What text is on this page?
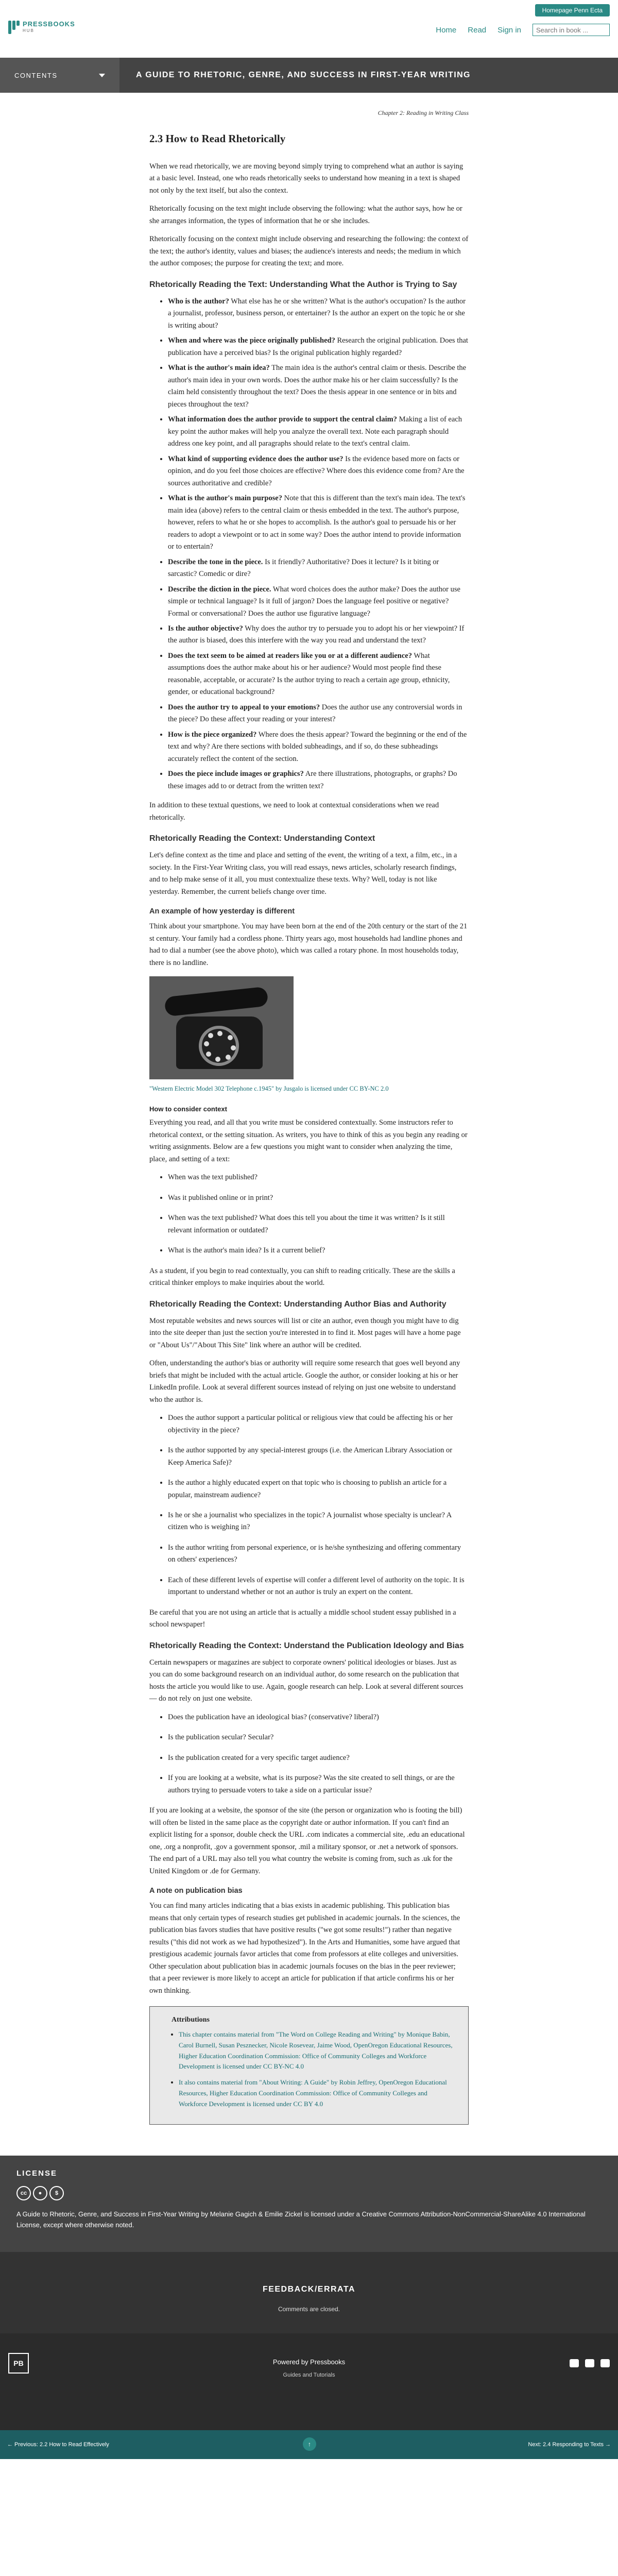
PRESSBOOKS
HUB
Homepage Penn Ecta
Home Read Sign in
Search in book ...
CONTENTS	A GUIDE TO RHETORIC, GENRE, AND SUCCESS IN FIRST-YEAR WRITING
Chapter 2: Reading in Writing Class
2.3 How to Read Rhetorically

When we read rhetorically, we are moving beyond simply trying to comprehend what an author is saying at a basic level. Instead, one who reads rhetorically seeks to understand how meaning in a text is shaped not only by the text itself, but also the context.

Rhetorically focusing on the text might include observing the following: what the author says, how he or she arranges information, the types of information that he or she includes.

Rhetorically focusing on the context might include observing and researching the following: the context of the text; the author's identity, values and biases; the audience's interests and needs; the medium in which the author composes; the purpose for creating the text; and more.

Rhetorically Reading the Text: Understanding What the Author is Trying to Say
• Who is the author? What else has he or she written? What is the author's occupation? Is the author a journalist, professor, business person, or entertainer? Is the author an expert on the topic he or she is writing about?
• When and where was the piece originally published? Research the original publication. Does that publication have a perceived bias? Is the original publication highly regarded?
• What is the author's main idea? The main idea is the author's central claim or thesis. Describe the author's main idea in your own words. Does the author make his or her claim successfully? Is the claim held consistently throughout the text? Does the thesis appear in one sentence or in bits and pieces throughout the text?
• What information does the author provide to support the central claim? Making a list of each key point the author makes will help you analyze the overall text. Note each paragraph should address one key point, and all paragraphs should relate to the text's central claim.
• What kind of supporting evidence does the author use? Is the evidence based more on facts or opinion, and do you feel those choices are effective? Where does this evidence come from? Are the sources authoritative and credible?
• What is the author's main purpose? Note that this is different than the text's main idea. The text's main idea (above) refers to the central claim or thesis embedded in the text. The author's purpose, however, refers to what he or she hopes to accomplish. Is the author's goal to persuade his or her readers to adopt a viewpoint or to act in some way? Does the author intend to provide information or to entertain?
• Describe the tone in the piece. Is it friendly? Authoritative? Does it lecture? Is it biting or sarcastic? Comedic or dire?
• Describe the diction in the piece. What word choices does the author make? Does the author use simple or technical language? Is it full of jargon? Does the language feel positive or negative? Formal or conversational? Does the author use figurative language?
• Is the author objective? Why does the author try to persuade you to adopt his or her viewpoint? If the author is biased, does this interfere with the way you read and understand the text?
• Does the text seem to be aimed at readers like you or at a different audience? What assumptions does the author make about his or her audience? Would most people find these reasonable, acceptable, or accurate? Is the author trying to reach a certain age group, ethnicity, gender, or educational background?
• Does the author try to appeal to your emotions? Does the author use any controversial words in the piece? Do these affect your reading or your interest?
• How is the piece organized? Where does the thesis appear? Toward the beginning or the end of the text and why? Are there sections with bolded subheadings, and if so, do these subheadings accurately reflect the content of the section.
• Does the piece include images or graphics? Are there illustrations, photographs, or graphs? Do these images add to or detract from the written text?

In addition to these textual questions, we need to look at contextual considerations when we read rhetorically.

Rhetorically Reading the Context: Understanding Context

Let's define context as the time and place and setting of the event, the writing of a text, a film, etc., in a society. In the First-Year Writing class, you will read essays, news articles, scholarly research findings, and to help make sense of it all, you must contextualize these texts. Why? Well, today is not like yesterday. Remember, the current beliefs change over time.

An example of how yesterday is different

Think about your smartphone. You may have been born at the end of the 20th century or the start of the 21 st century. Your family had a cordless phone. Thirty years ago, most households had landline phones and had to dial a number (see the above photo), which was called a rotary phone. In most households today, there is no landline.

"Western Electric Model 302 Telephone c.1945" by Jusgalo is licensed under CC BY-NC 2.0

How to consider context

Everything you read, and all that you write must be considered contextually. Some instructors refer to rhetorical context, or the setting situation. As writers, you have to think of this as you begin any reading or writing assignments. Below are a few questions you might want to consider when analyzing the time, place, and setting of a text:

• When was the text published?
• Was it published online or in print?
• When was the text published? What does this tell you about the time it was written? Is it still relevant information or outdated?
• What is the author's main idea? Is it a current belief?

As a student, if you begin to read contextually, you can shift to reading critically. These are the skills a critical thinker employs to make inquiries about the world.

Rhetorically Reading the Context: Understanding Author Bias and Authority

Most reputable websites and news sources will list or cite an author, even though you might have to dig into the site deeper than just the section you're interested in to find it. Most pages will have a home page or "About Us"/"About This Site" link where an author will be credited.

Often, understanding the author's bias or authority will require some research that goes well beyond any briefs that might be included with the actual article. Google the author, or consider looking at his or her LinkedIn profile. Look at several different sources instead of relying on just one website to understand who the author is.

• Does the author support a particular political or religious view that could be affecting his or her objectivity in the piece?
• Is the author supported by any special-interest groups (i.e. the American Library Association or Keep America Safe)?
• Is the author a highly educated expert on that topic who is choosing to publish an article for a popular, mainstream audience?
• Is he or she a journalist who specializes in the topic? A journalist whose specialty is unclear? A citizen who is weighing in?
• Is the author writing from personal experience, or is he/she synthesizing and offering commentary on others' experiences?
• Each of these different levels of expertise will confer a different level of authority on the topic. It is important to understand whether or not an author is truly an expert on the content.

Be careful that you are not using an article that is actually a middle school student essay published in a school newspaper!

Rhetorically Reading the Context: Understand the Publication Ideology and Bias

Certain newspapers or magazines are subject to corporate owners' political ideologies or biases. Just as you can do some background research on an individual author, do some research on the publication that hosts the article you would like to use. Again, google research can help. Look at several different sources — do not rely on just one website.

• Does the publication have an ideological bias? (conservative? liberal?)
• Is the publication secular? Secular?
• Is the publication created for a very specific target audience?
• If you are looking at a website, what is its purpose? Was the site created to sell things, or are the authors trying to persuade voters to take a side on a particular issue?

If you are looking at a website, the sponsor of the site (the person or organization who is footing the bill) will often be listed in the same place as the copyright date or author information. If you can't find an explicit listing for a sponsor, double check the URL .com indicates a commercial site, .edu an educational one, .org a nonprofit, .gov a government sponsor, .mil a military sponsor, or .net a network of sponsors. The end part of a URL may also tell you what country the website is coming from, such as .uk for the United Kingdom or .de for Germany.

A note on publication bias

You can find many articles indicating that a bias exists in academic publishing. This publication bias means that only certain types of research studies get published in academic journals. In the sciences, the publication bias favors studies that have positive results ("we got some results!") rather than negative results ("this did not work as we had hypothesized"). In the Arts and Humanities, some have argued that prestigious academic journals favor articles that come from professors at elite colleges and universities. Other speculation about publication bias in academic journals focuses on the bias in the peer reviewer; that a peer reviewer is more likely to accept an article for publication if that article confirms his or her own thinking.

Attributions
• This chapter contains material from "The Word on College Reading and Writing" by Monique Babin, Carol Burnell, Susan Pesznecker, Nicole Rosevear, Jaime Wood, OpenOregon Educational Resources, Higher Education Coordination Commission: Office of Community Colleges and Workforce Development is licensed under CC BY-NC 4.0
• It also contains material from "About Writing: A Guide" by Robin Jeffrey, OpenOregon Educational Resources, Higher Education Coordination Commission: Office of Community Colleges and Workforce Development is licensed under CC BY 4.0
LICENSE
cc	●	$

A Guide to Rhetoric, Genre, and Success in First-Year Writing by Melanie Gagich & Emilie Zickel is licensed under a Creative Commons Attribution-NonCommercial-ShareAlike 4.0 International License, except where otherwise noted.

FEEDBACK/ERRATA
Comments are closed.
PB	Powered by Pressbooks
Guides and Tutorials
← Previous: 2.2 How to Read Effectively	↑	Next: 2.4 Responding to Texts →
